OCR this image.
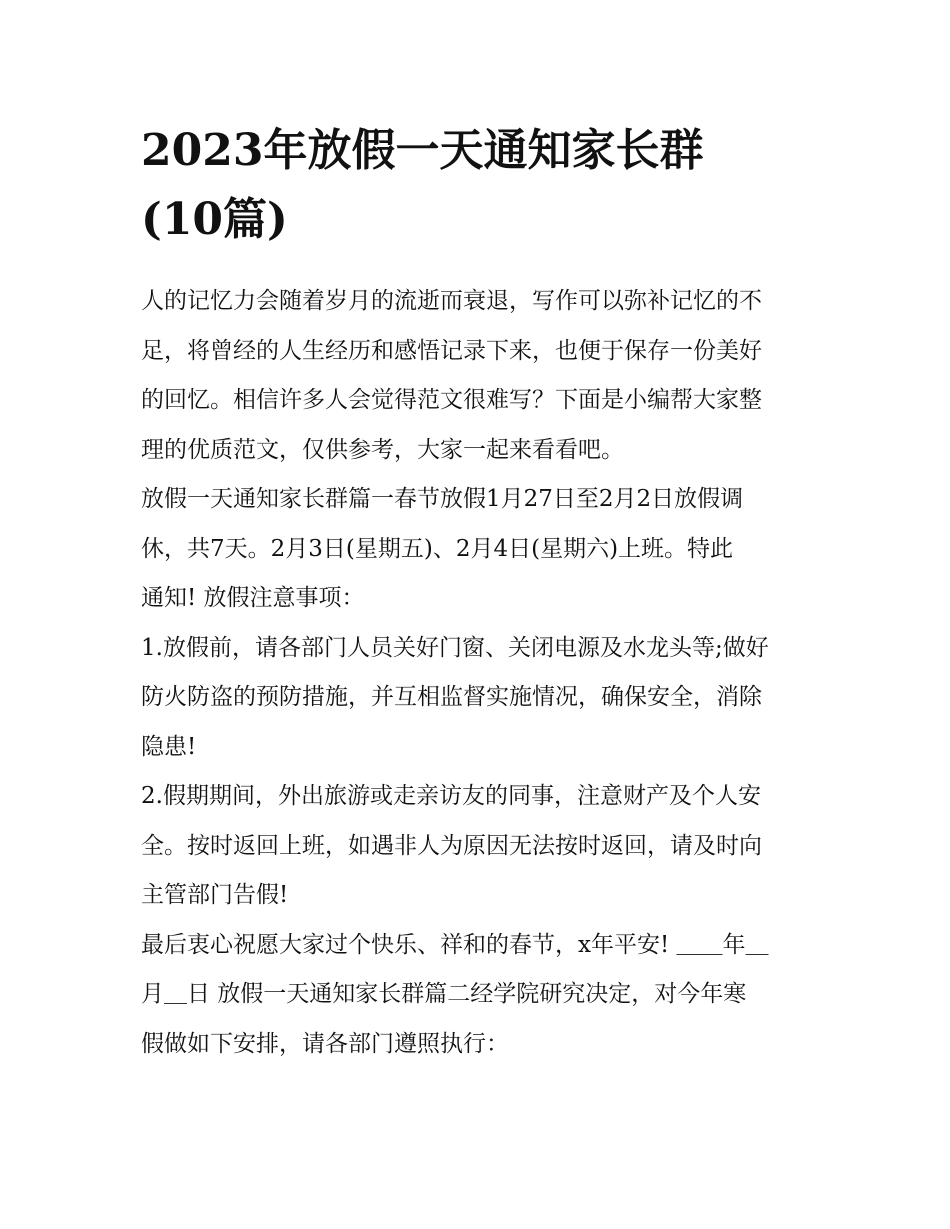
2023年放假一天通知家长群
(10篇)

人的记忆力会随着岁月的流逝而衰退，写作可以弥补记忆的不
足，将曾经的人生经历和感悟记录下来，也便于保存一份美好
的回忆。相信许多人会觉得范文很难写？下面是小编帮大家整
理的优质范文，仅供参考，大家一起来看看吧。

放假一天通知家长群篇一春节放假1月27日至2月2日放假调
休，共7天。2月3日(星期五)、2月4日(星期六)上班。特此
通知! 放假注意事项：

1.放假前，请各部门人员关好门窗、关闭电源及水龙头等;做好
防火防盗的预防措施，并互相监督实施情况，确保安全，消除
隐患!

2.假期期间，外出旅游或走亲访友的同事，注意财产及个人安
全。按时返回上班，如遇非人为原因无法按时返回，请及时向
主管部门告假!

最后衷心祝愿大家过个快乐、祥和的春节，x年平安! ＿＿年＿
月＿日 放假一天通知家长群篇二经学院研究决定，对今年寒
假做如下安排，请各部门遵照执行：
